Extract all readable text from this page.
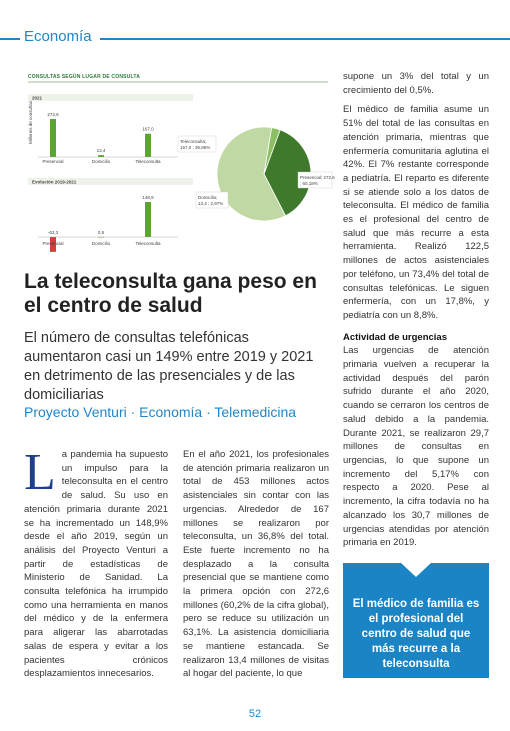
Economía
CONSULTAS SEGÚN LUGAR DE CONSULTA
2021
Millones de consultas	272,6
Presencial
13,4
Domicilio
167,0
Teleconsulta
Evolución 2019-2021
-63,3
Presencial
0,5
Domicilio
148,9
Teleconsulta
Teleconsulta;
167,0 ; 36,86%
Presencial; 272,6
; 60,18%
Domicilio;
13,4 ; 2,97%
La teleconsulta gana peso en el centro de salud
El número de consultas telefónicas aumentaron casi un 149% entre 2019 y 2021 en detrimento de las presenciales y de las domiciliarias
Proyecto Venturi · Economía · Telemedicina
L a pandemia ha supuesto un impulso para la teleconsulta en el centro de salud. Su uso en atención primaria durante 2021 se ha incrementado un 148,9% desde el año 2019, según un análisis del Proyecto Venturi a partir de estadísticas de Ministerio de Sanidad. La consulta telefónica ha irrumpido como una herramienta en manos del médico y de la enfermera para aligerar las abarrotadas salas de espera y evitar a los pacientes crónicos desplazamientos innecesarios.

En el año 2021, los profesionales de atención primaria realizaron un total de 453 millones actos asistenciales sin contar con las urgencias. Alrededor de 167 millones se realizaron por teleconsulta, un 36,8% del total. Este fuerte incremento no ha desplazado a la consulta presencial que se mantiene como la primera opción con 272,6 millones (60,2% de la cifra global), pero se reduce su utilización un 63,1%. La asistencia domiciliaria se mantiene estancada. Se realizaron 13,4 millones de visitas al hogar del paciente, lo que

supone un 3% del total y un crecimiento del 0,5%.

El médico de familia asume un 51% del total de las consultas en atención primaria, mientras que enfermería comunitaria aglutina el 42%. El 7% restante corresponde a pediatría. El reparto es diferente si se atiende solo a los datos de teleconsulta. El médico de familia es el profesional del centro de salud que más recurre a esta herramienta. Realizó 122,5 millones de actos asistenciales por teléfono, un 73,4% del total de consultas telefónicas. Le siguen enfermería, con un 17,8%, y pediatría con un 8,8%.

Actividad de urgencias

Las urgencias de atención primaria vuelven a recuperar la actividad después del parón sufrido durante el año 2020, cuando se cerraron los centros de salud debido a la pandemia. Durante 2021, se realizaron 29,7 millones de consultas en urgencias, lo que supone un incremento del 5,17% con respecto a 2020. Pese al incremento, la cifra todavía no ha alcanzado los 30,7 millones de urgencias atendidas por atención primaria en 2019.

El médico de familia es el profesional del centro de salud que más recurre a la teleconsulta
52
